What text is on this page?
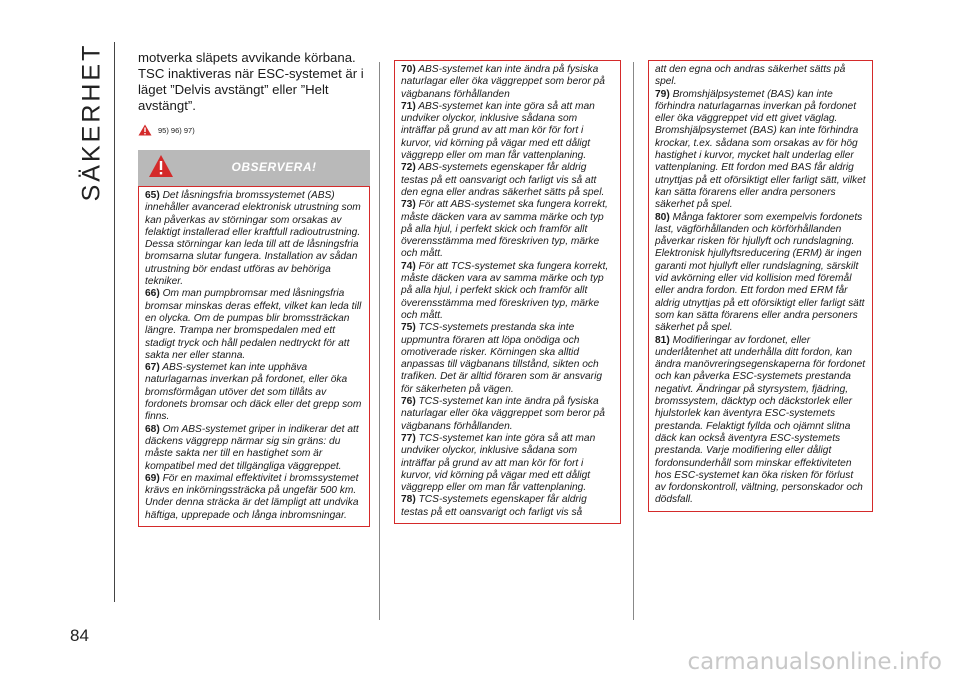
SÄKERHET
84

motverka släpets avvikande körbana. TSC inaktiveras när ESC-systemet är i läget ”Delvis avstängt” eller ”Helt avstängt”.

95) 96) 97)
OBSERVERA!

65) Det låsningsfria bromssystemet (ABS) innehåller avancerad elektronisk utrustning som kan påverkas av störningar som orsakas av felaktigt installerad eller kraftfull radioutrustning. Dessa störningar kan leda till att de låsningsfria bromsarna slutar fungera. Installation av sådan utrustning bör endast utföras av behöriga tekniker.

66) Om man pumpbromsar med låsningsfria bromsar minskas deras effekt, vilket kan leda till en olycka. Om de pumpas blir bromssträckan längre. Trampa ner bromspedalen med ett stadigt tryck och håll pedalen nedtryckt för att sakta ner eller stanna.

67) ABS-systemet kan inte upphäva naturlagarnas inverkan på fordonet, eller öka bromsförmågan utöver det som tillåts av fordonets bromsar och däck eller det grepp som finns.

68) Om ABS-systemet griper in indikerar det att däckens väggrepp närmar sig sin gräns: du måste sakta ner till en hastighet som är kompatibel med det tillgängliga väggreppet.

69) För en maximal effektivitet i bromssystemet krävs en inkörningssträcka på ungefär 500 km. Under denna sträcka är det lämpligt att undvika häftiga, upprepade och långa inbromsningar.

70) ABS-systemet kan inte ändra på fysiska naturlagar eller öka väggreppet som beror på vägbanans förhållanden

71) ABS-systemet kan inte göra så att man undviker olyckor, inklusive sådana som inträffar på grund av att man kör för fort i kurvor, vid körning på vägar med ett dåligt väggrepp eller om man får vattenplaning.

72) ABS-systemets egenskaper får aldrig testas på ett oansvarigt och farligt vis så att den egna eller andras säkerhet sätts på spel.

73) För att ABS-systemet ska fungera korrekt, måste däcken vara av samma märke och typ på alla hjul, i perfekt skick och framför allt överensstämma med föreskriven typ, märke och mått.

74) För att TCS-systemet ska fungera korrekt, måste däcken vara av samma märke och typ på alla hjul, i perfekt skick och framför allt överensstämma med föreskriven typ, märke och mått.

75) TCS-systemets prestanda ska inte uppmuntra föraren att löpa onödiga och omotiverade risker. Körningen ska alltid anpassas till vägbanans tillstånd, sikten och trafiken. Det är alltid föraren som är ansvarig för säkerheten på vägen.

76) TCS-systemet kan inte ändra på fysiska naturlagar eller öka väggreppet som beror på vägbanans förhållanden.

77) TCS-systemet kan inte göra så att man undviker olyckor, inklusive sådana som inträffar på grund av att man kör för fort i kurvor, vid körning på vägar med ett dåligt väggrepp eller om man får vattenplaning.

78) TCS-systemets egenskaper får aldrig testas på ett oansvarigt och farligt vis så

att den egna och andras säkerhet sätts på spel.

79) Bromshjälpsystemet (BAS) kan inte förhindra naturlagarnas inverkan på fordonet eller öka väggreppet vid ett givet väglag. Bromshjälpsystemet (BAS) kan inte förhindra krockar, t.ex. sådana som orsakas av för hög hastighet i kurvor, mycket halt underlag eller vattenplaning. Ett fordon med BAS får aldrig utnyttjas på ett oförsiktigt eller farligt sätt, vilket kan sätta förarens eller andra personers säkerhet på spel.

80) Många faktorer som exempelvis fordonets last, vägförhållanden och körförhållanden påverkar risken för hjullyft och rundslagning. Elektronisk hjullyftsreducering (ERM) är ingen garanti mot hjullyft eller rundslagning, särskilt vid avkörning eller vid kollision med föremål eller andra fordon. Ett fordon med ERM får aldrig utnyttjas på ett oförsiktigt eller farligt sätt som kan sätta förarens eller andra personers säkerhet på spel.

81) Modifieringar av fordonet, eller underlåtenhet att underhålla ditt fordon, kan ändra manövreringsegenskaperna för fordonet och kan påverka ESC-systemets prestanda negativt. Ändringar på styrsystem, fjädring, bromssystem, däcktyp och däckstorlek eller hjulstorlek kan äventyra ESC-systemets prestanda. Felaktigt fyllda och ojämnt slitna däck kan också äventyra ESC-systemets prestanda. Varje modifiering eller dåligt fordonsunderhåll som minskar effektiviteten hos ESC-systemet kan öka risken för förlust av fordonskontroll, vältning, personskador och dödsfall.

carmanualsonline.info
